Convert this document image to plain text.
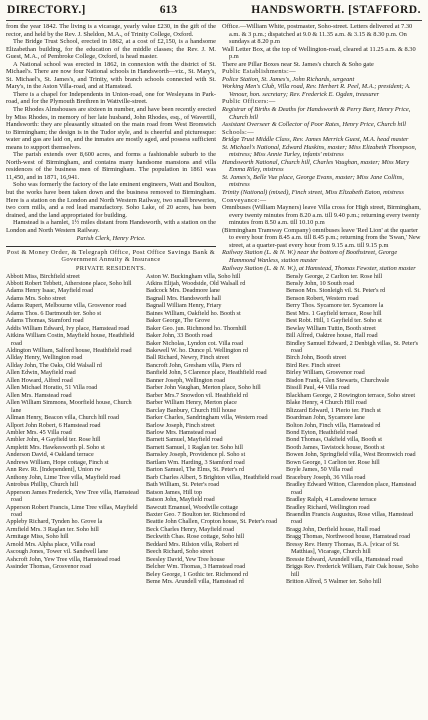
DIRECTORY.]	613	HANDSWORTH. [STAFFORD.

from the year 1842. The living is a vicarage, yearly value £230, in the gift of the rector, and held by the Rev. J. Sheldon, M.A., of Trinity College, Oxford.

The Bridge Trust School, erected in 1862, at a cost of £2,150, is a handsome Elizabethan building, for the education of the middle classes; the Rev. J. M. Guest, M.A., of Pembroke College, Oxford, is head master.

A National school was erected in 1862, in connexion with the district of St. Michael's. There are now four National schools in Handsworth—viz., St. Mary's, St. Michael's, St. James's, and Trinity, with branch schools connected with St. Mary's, in the Aston Villa-road, and at Hamstead.

There is a chapel for Independents in Union-road, one for Wesleyans in Park-road, and for the Plymouth Brethren in Wattville-street.

The Rhodes Almshouses are sixteen in number, and have been recently erected by Miss Rhodes, in memory of her late husband, John Rhodes, esq., of Wavertill, Handsworth: they are pleasantly situated on the main road from West Bromwich to Birmingham; the design is in the Tudor style, and is cheerful and picturesque: water and gas are laid on, and the inmates are mostly aged, and possess sufficient means to support themselves.

The parish extends over 8,600 acres, and forms a fashionable suburb to the North-west of Birmingham, and contains many handsome mansions and villa residences of the business men of Birmingham. The population in 1861 was 11,450, and in 1871, 16,941.

Soho was formerly the factory of the late eminent engineers, Watt and Boulton, but the works have been taken down and the business removed to Birmingham. Here is a station on the London and North Western Railway, two small breweries, two corn mills, and a red lead manufactory. Soho Lake, of 20 acres, has been drained, and the land appropriated for building.

Hamstead is a hamlet, 1½ miles distant from Handsworth, with a station on the London and North Western Railway.

Parish Clerk, Henry Price.

Post & Money Order, & Telegraph Office, Post Office Savings Bank & Government Annuity & Insurance

PRIVATE RESIDENTS.

Office.—William White, postmaster, Soho-street. Letters delivered at 7.30 a.m. & 3 p.m.; dispatched at 9.0 & 11.35 a.m. & 3.15 & 8.30 p.m. On sundays at 8.20 p.m
Wall Letter Box, at the top of Wellington-road, cleared at 11.25 a.m. & 8.30 p.m
There are Pillar Boxes near St. James's church & Soho gate
Public Establishments:—
Police Station, St. James's, John Richards, sergeant
Working Men's Club, Villa road, Rev. Herbert R. Peel, M.A.; president; A. Venour, hon. secretary; Rev. Frederick E. Ogden, treasurer
Public Officers:—
Registrar of Births & Deaths for Handsworth & Perry Barr, Henry Price, Church hill
Assistant Overseer & Collector of Poor Rates, Henry Price, Church hill
Schools:—
Bridge Trust Middle Class, Rev. James Merrick Guest, M.A. head master
St. Michael's National, Edward Huskins, master; Miss Elizabeth Thompson, mistress; Miss Annie Turley, infants' mistress
Handsworth National, Church hill, Charles Vaughan, master; Miss Mary Emma Riley, mistress
St. James's, Belle Vue place, George Evans, master; Miss Jane Collins, mistress
Trinity (National) (mixed), Finch street, Miss Elizabeth Eaton, mistress
Conveyance:—
Omnibuses (William Mayners) leave Villa cross for High street, Birmingham, every twenty minutes from 8.20 a.m. till 9.40 p.m.; returning every twenty minutes from 8.50 a.m. till 10.10 p.m
(Birmingham Tramway Company) omnibuses leave 'Red Lion' at the quarter to every hour from 8.45 a.m. till 8.45 p.m.; returning from the 'Swan,' New street, at a quarter-past every hour from 9.15 a.m. till 9.15 p.m
Railway Station (L. & N. W.) near the bottom of Boothstreet, George Hammond Wanless, station master
Railway Station (L. & N. W.), at Hamstead, Thomas Fewster, station master
Abbott Miss, Birchfield street
Abbott Robert Tebbett, Atherstone place, Soho hill
Adams Henry Isaac, Mayfield road
Adams Mrs. Soho street
Adams Rupert, Melbourne villa, Grosvenor road
Adams Thos. 6 Dartmouth ter. Soho st
Adams Thomas, Stamford road
Addis William Edward, Ivy place, Hamstead road
Aitkins William Costin, Mayfield house, Heathfield road
Aldington William, Salford house, Heathfield road
Allday Henry, Wellington road
Allday John, The Oaks, Old Walsall rd
Allen Edwin, Mayfield road
Allen Howard, Alfred road
Allen Michael Horatio, 51 Villa road
Allen Mrs. Hamstead road
Allen William Simmons, Moorfield house, Church lane
Allman Henry, Beacon villa, Church hill road
Allport John Robert, 6 Hamstead road
Ambler Mrs. 45 Villa road
Ambler John, 4 Gayfield ter. Rose hill
Ampleitt Mrs. Hawkesworth pl. Soho st
Anderson David, 4 Oakland terrace
Andrews William, Hope cottage, Finch st
Ann Rev. Rt. [Independent], Union rw
Anthony John, Lime Tree villa, Mayfield road
Antrobus Phillip, Church hill
Apperson James Frederick, Yew Tree villa, Hamstead road
Apperson Robert Francis, Lime Tree villas, Mayfield road
Appleby Richard, Tynden ho. Grove la
Armfield Mrs. 3 Raglan ter. Soho hill
Armitage Miss, Soho hill
Arnold Mrs. Alpha place, Villa road
Ascough Jones, Tower vil. Sandwell lane
Ashcroft John, Yew Tree villa, Hamstead road
Assinder Thomas, Grosvenor road
Aston W. Buckingham villa, Soho hill
Atkins Elijah, Woodside, Old Walsall rd
Badcock Mrs. Deadmore lane
Bagnall Mrs. Handsworth hall
Bagnall William Henry, Friary
Baines William, Oakfield ho. Booth st
Baker George, The Grove
Baker Geo. jun. Richmond ho. Thornhill
Baker John, 33 Booth road
Baker Nicholas, Lyndon cot. Villa road
Bakewell W. ho. Dunce pl. Wellington rd
Ball Richard, Newry, Finch street
Bancroft John, Gresham villa, Piers rd
Banfield John, 5 Clarence place, Heathfield road
Banner Joseph, Wellington road
Barber John Vaughan, Merton place, Soho hill
Barber Mrs.7 Snowdon vil. Heathfield rd
Barber William Henry, Merton place
Barclay Banbury, Church Hill house
Barker Charles, Sandringham villa, Western road
Barlow Joseph, Finch street
Barlow Mrs. Hamstead road
Barnett Samuel, Mayfield road
Barnett Samuel, 1 Raglan ter. Soho hill
Barnsley Joseph, Providence pl. Soho st
Bartlam Wm. Harding, 3 Stamford road
Barton Samuel, The Elms, St. Peter's rd
Barb Charles Albert, 5 Brighton villas, Heathfield road
Bath William, St. Peter's road
Batson James, Hill top
Batson John, Mayfield road
Bawcutt Emanuel, Woodville cottage
Baxter Geo. 7 Boulton ter. Richmond rd
Beattie John Challen, Cropton house, St. Peter's road
Beck Charles Henry, Mayfield road
Beckwith Chas. Rose cottage, Soho hill
Beddard Mrs. Rilston villa, Robert rd
Beech Richard, Soho street
Beesley David, Yew Tree house
Belcher Wm. Thomas, 3 Hamstead road
Beley George, 1 Gothic ter. Richmond rd
Beme Mrs. Arundell villa, Hamstead rd
Bensly George, 2 Carlton ter. Rose hill
Bensly John, 10 South road
Benson Mrs. Stonleigh vil. St. Peter's rd
Benson Robert, Western road
Berry Thos. Sycamore ter. Sycamore la
Best Mrs. 1 Gayfield terrace, Rose hill
Best Robt. Hill, 1 Gayfield ter. Soho st
Bewlay William Tuttin, Booth street
Bill Alfred, Oaktree house, Hall road
Bindley Samuel Edward, 2 Denbigh villas, St. Peter's road
Birch John, Booth street
Bird Rev. Finch street
Birley William, Grosvenor road
Bisdon Frank, Glen Stewarts, Churchvale
Bissill Paul, 44 Villa road
Blackham George, 2 Rowington terrace, Soho street
Blake Henry, 4 Church Hill road
Blizzard Edward, 1 Pierio ter. Finch st
Boardman John, Sycamore lane
Bolton John, Finch villa, Hamstead rd
Bond Eyton, Heathfield road
Bond Thomas, Oakfield villa, Booth st
Booth James, Tavistock house, Booth st
Bowen John, Springfield villa, West Bromwich road
Bown George, 1 Carlton ter. Rose hill
Boyle James, 50 Villa road
Bracebury Joseph, 36 Villa road
Bradley Edward Witton, Clarendon place, Hamstead road
Bradley Ralph, 4 Lansdowne terrace
Bradley Richard, Wellington road
Braendlin Francis Augustus, Rose villas, Hamstead road
Bragg John, Derfield house, Hall road
Bragg Thomas, Northwood house, Hamstead road
Bressy Rev. Henry Thomas, B.A. [vicar of St. Matthias], Vicarage, Church hill
Bressie Edward, Arundell villa, Hamstead road
Briggs Rev. Frederick William, Fair Oak house, Soho hill
Britton Alfred, 5 Walmer ter. Soho hill
